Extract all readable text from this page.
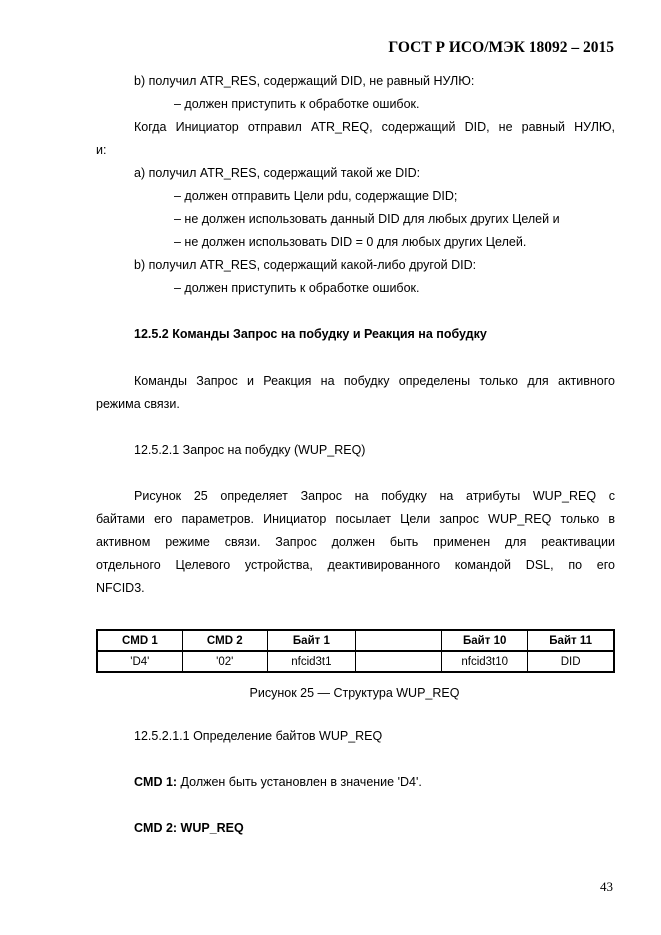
ГОСТ Р ИСО/МЭК 18092 – 2015
b) получил ATR_RES, содержащий DID, не равный НУЛЮ:
– должен приступить к обработке ошибок.
Когда Инициатор отправил ATR_REQ, содержащий DID, не равный НУЛЮ,
и:
a) получил ATR_RES, содержащий такой же DID:
– должен отправить Цели pdu, содержащие DID;
– не должен использовать данный DID для любых других Целей и
– не должен использовать DID = 0 для любых других Целей.
b) получил ATR_RES, содержащий какой-либо другой DID:
– должен приступить к обработке ошибок.
12.5.2 Команды Запрос на побудку и Реакция на побудку
Команды Запрос и Реакция на побудку определены только для активного
режима связи.
12.5.2.1 Запрос на побудку (WUP_REQ)
Рисунок 25 определяет Запрос на побудку на атрибуты WUP_REQ с
байтами его параметров. Инициатор посылает Цели запрос WUP_REQ только в
активном режиме связи. Запрос должен быть применен для реактивации
отдельного Целевого устройства, деактивированного командой DSL, по его
NFCID3.
CMD 1	CMD 2	Байт 1		Байт 10	Байт 11
'D4'	'02'	nfcid3t1		nfcid3t10	DID
Рисунок 25 — Структура WUP_REQ
12.5.2.1.1 Определение байтов WUP_REQ
CMD 1: Должен быть установлен в значение 'D4'.
CMD 2: WUP_REQ
43
